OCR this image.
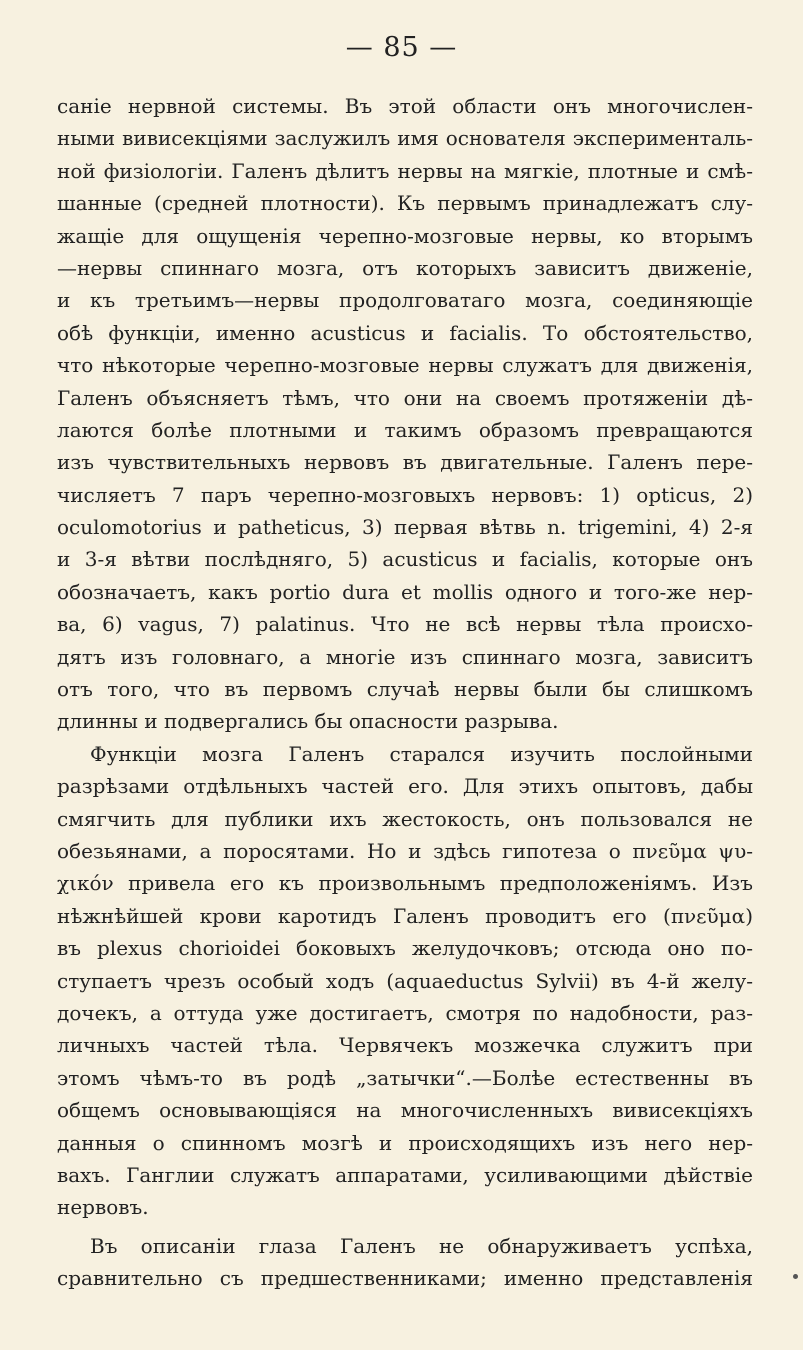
— 85 —
саніе нервной системы. Въ этой области онъ многочислен-
ными вивисекціями заслужилъ имя основателя эксперименталь-
ной физіологіи. Галенъ дѣлитъ нервы на мягкіе, плотные и смѣ-
шанные (средней плотности). Къ первымъ принадлежатъ слу-
жащіе для ощущенія черепно-мозговые нервы, ко вторымъ
—нервы спиннаго мозга, отъ которыхъ зависитъ движеніе,
и къ третьимъ—нервы продолговатаго мозга, соединяющіе
обѣ функціи, именно acusticus и facialis. То обстоятельство,
что нѣкоторые черепно-мозговые нервы служатъ для движенія,
Галенъ объясняетъ тѣмъ, что они на своемъ протяженіи дѣ-
лаются болѣе плотными и такимъ образомъ превращаются
изъ чувствительныхъ нервовъ въ двигательные. Галенъ пере-
числяетъ 7 паръ черепно-мозговыхъ нервовъ: 1) opticus, 2)
oculomotorius и patheticus, 3) первая вѣтвь n. trigemini, 4) 2-я
и 3-я вѣтви послѣдняго, 5) acusticus и facialis, которые онъ
обозначаетъ, какъ portio dura et mollis одного и того-же нер-
ва, 6) vagus, 7) palatinus. Что не всѣ нервы тѣла происхо-
дятъ изъ головнаго, а многіе изъ спиннаго мозга, зависитъ
отъ того, что въ первомъ случаѣ нервы были бы слишкомъ
длинны и подвергались бы опасности разрыва.
Функціи мозга Галенъ старался изучить послойными
разрѣзами отдѣльныхъ частей его. Для этихъ опытовъ, дабы
смягчить для публики ихъ жестокость, онъ пользовался не
обезьянами, а поросятами. Но и здѣсь гипотеза о πνεῦμα ψυ-
χικόν привела его къ произвольнымъ предположеніямъ. Изъ
нѣжнѣйшей крови каротидъ Галенъ проводитъ его (πνεῦμα)
въ plexus chorioidei боковыхъ желудочковъ; отсюда оно по-
ступаетъ чрезъ особый ходъ (aquaeductus Sylvii) въ 4-й желу-
дочекъ, а оттуда уже достигаетъ, смотря по надобности, раз-
личныхъ частей тѣла. Червячекъ мозжечка служитъ при
этомъ чѣмъ-то въ родѣ „затычки“.—Болѣе естественны въ
общемъ основывающіяся на многочисленныхъ вивисекціяхъ
данныя о спинномъ мозгѣ и происходящихъ изъ него нер-
вахъ. Ганглии служатъ аппаратами, усиливающими дѣйствіе
нервовъ.
Въ описаніи глаза Галенъ не обнаруживаетъ успѣха,
сравнительно съ предшественниками; именно представленія
